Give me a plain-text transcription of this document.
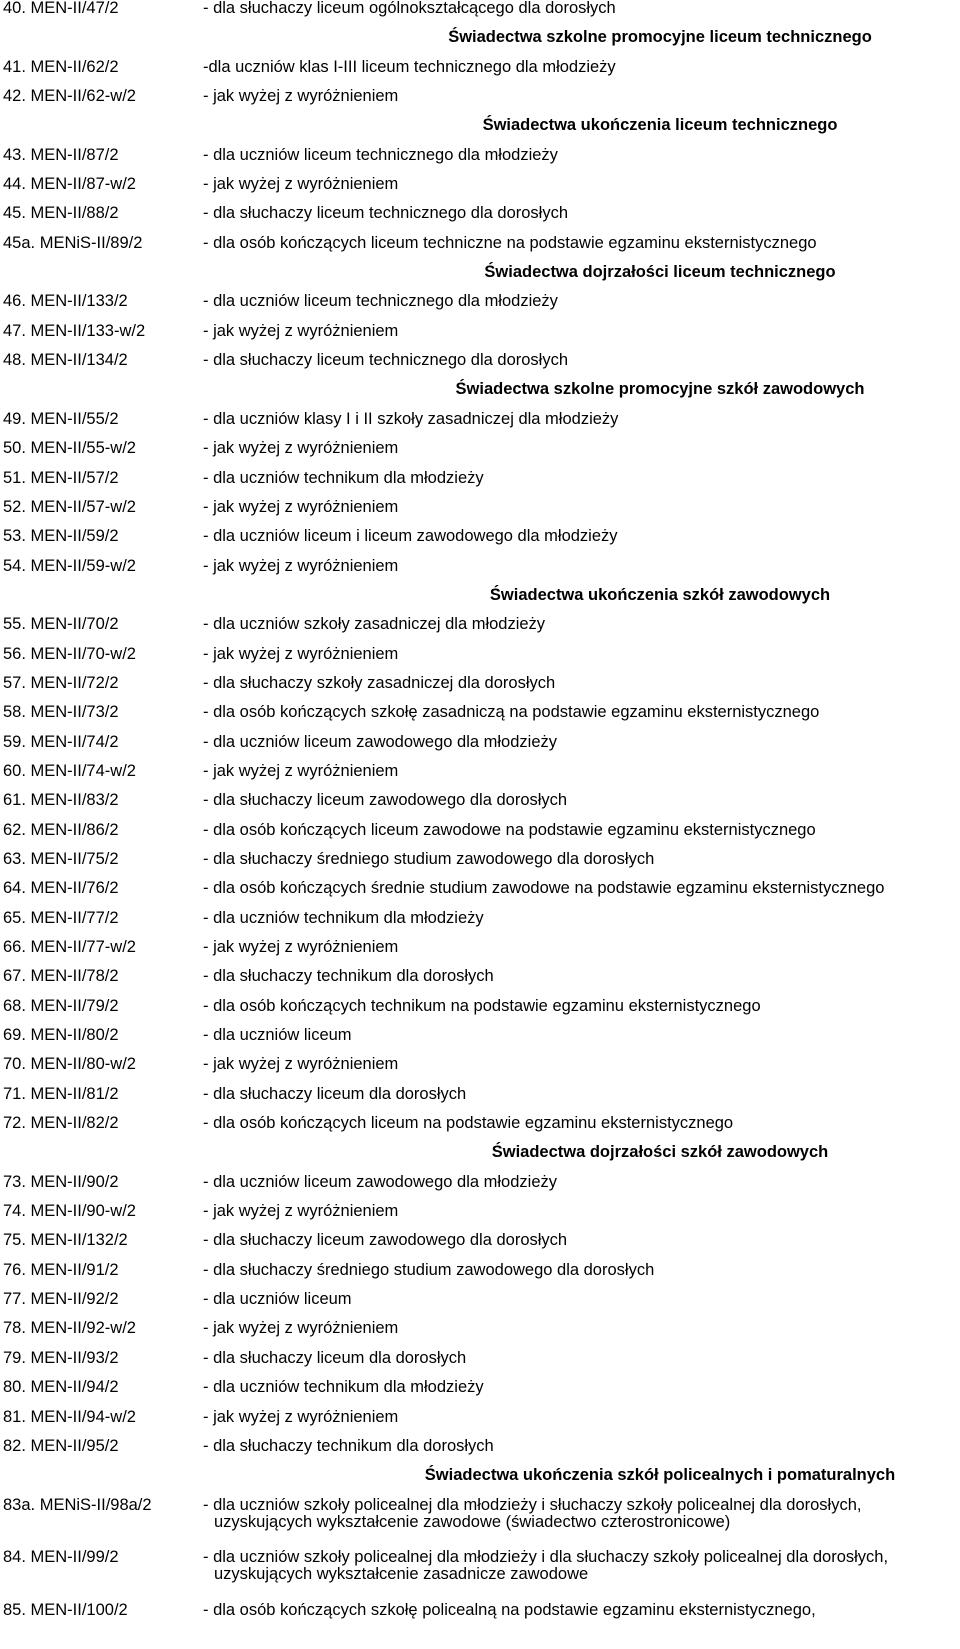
40. MEN-II/47/2	- dla słuchaczy liceum ogólnokształcącego dla dorosłych
Świadectwa szkolne promocyjne liceum technicznego
41. MEN-II/62/2	-dla uczniów klas I-III liceum technicznego dla młodzieży
42. MEN-II/62-w/2	- jak wyżej z wyróżnieniem
Świadectwa ukończenia liceum technicznego
43. MEN-II/87/2	- dla uczniów liceum technicznego dla młodzieży
44. MEN-II/87-w/2	- jak wyżej z wyróżnieniem
45. MEN-II/88/2	- dla słuchaczy liceum technicznego dla dorosłych
45a. MENiS-II/89/2	- dla osób kończących liceum techniczne na podstawie egzaminu eksternistycznego
Świadectwa dojrzałości liceum technicznego
46. MEN-II/133/2	- dla uczniów liceum technicznego dla młodzieży
47. MEN-II/133-w/2	- jak wyżej z wyróżnieniem
48. MEN-II/134/2	- dla słuchaczy liceum technicznego dla dorosłych
Świadectwa szkolne promocyjne szkół zawodowych
49. MEN-II/55/2	- dla uczniów klasy I i II szkoły zasadniczej dla młodzieży
50. MEN-II/55-w/2	- jak wyżej z wyróżnieniem
51. MEN-II/57/2	- dla uczniów technikum dla młodzieży
52. MEN-II/57-w/2	- jak wyżej z wyróżnieniem
53. MEN-II/59/2	- dla uczniów liceum i liceum zawodowego dla młodzieży
54. MEN-II/59-w/2	- jak wyżej z wyróżnieniem
Świadectwa ukończenia szkół zawodowych
55. MEN-II/70/2	- dla uczniów szkoły zasadniczej dla młodzieży
56. MEN-II/70-w/2	- jak wyżej z wyróżnieniem
57. MEN-II/72/2	- dla słuchaczy szkoły zasadniczej dla dorosłych
58. MEN-II/73/2	- dla osób kończących szkołę zasadniczą na podstawie egzaminu eksternistycznego
59. MEN-II/74/2	- dla uczniów liceum zawodowego dla młodzieży
60. MEN-II/74-w/2	- jak wyżej z wyróżnieniem
61. MEN-II/83/2	- dla słuchaczy liceum zawodowego dla dorosłych
62. MEN-II/86/2	- dla osób kończących liceum zawodowe na podstawie egzaminu eksternistycznego
63. MEN-II/75/2	- dla słuchaczy średniego studium zawodowego dla dorosłych
64. MEN-II/76/2	- dla osób kończących średnie studium zawodowe na podstawie egzaminu eksternistycznego
65. MEN-II/77/2	- dla uczniów technikum dla młodzieży
66. MEN-II/77-w/2	- jak wyżej z wyróżnieniem
67. MEN-II/78/2	- dla słuchaczy technikum dla dorosłych
68. MEN-II/79/2	- dla osób kończących technikum na podstawie egzaminu eksternistycznego
69. MEN-II/80/2	- dla uczniów liceum
70. MEN-II/80-w/2	- jak wyżej z wyróżnieniem
71. MEN-II/81/2	- dla słuchaczy liceum dla dorosłych
72. MEN-II/82/2	- dla osób kończących liceum na podstawie egzaminu eksternistycznego
Świadectwa dojrzałości szkół zawodowych
73. MEN-II/90/2	- dla uczniów liceum zawodowego dla młodzieży
74. MEN-II/90-w/2	- jak wyżej z wyróżnieniem
75. MEN-II/132/2	- dla słuchaczy liceum zawodowego dla dorosłych
76. MEN-II/91/2	- dla słuchaczy średniego studium zawodowego dla dorosłych
77. MEN-II/92/2	- dla uczniów liceum
78. MEN-II/92-w/2	- jak wyżej z wyróżnieniem
79. MEN-II/93/2	- dla słuchaczy liceum dla dorosłych
80. MEN-II/94/2	- dla uczniów technikum dla młodzieży
81. MEN-II/94-w/2	- jak wyżej z wyróżnieniem
82. MEN-II/95/2	- dla słuchaczy technikum dla dorosłych
Świadectwa ukończenia szkół policealnych i pomaturalnych
83a. MENiS-II/98a/2	- dla uczniów szkoły policealnej dla młodzieży i słuchaczy szkoły policealnej dla dorosłych,
uzyskujących wykształcenie zawodowe (świadectwo czterostronicowe)
84. MEN-II/99/2	- dla uczniów szkoły policealnej dla młodzieży i dla słuchaczy szkoły policealnej dla dorosłych,
uzyskujących wykształcenie zasadnicze zawodowe
85. MEN-II/100/2	- dla osób kończących szkołę policealną na podstawie egzaminu eksternistycznego,
